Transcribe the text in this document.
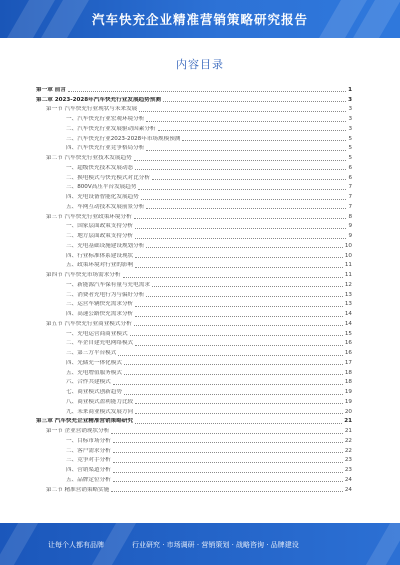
汽车快充企业精准营销策略研究报告
内容目录
第一章 前言	1
第二章 2023-2028年汽车快充行业发展趋势预测	3
第一节 汽车快充行业现状与未来发展	3
一、汽车快充行业宏观环境分析	3
二、汽车快充行业发展驱动因素分析	3
三、汽车快充行业2023-2028年市场规模预测	5
四、汽车快充行业竞争格局分析	5
第二节 汽车快充行业技术发展趋势	5
一、超级快充技术发展动态	6
二、换电模式与快充模式对比分析	6
三、800V高压平台发展趋势	7
四、充电设备智能化发展趋势	7
五、车网互动技术发展前景分析	7
第三节 汽车快充行业政策环境分析	8
一、国家层面政策支持分析	9
二、地方层面政策支持分析	9
三、充电基础设施建设规划分析	10
四、行业标准体系建设现状	10
五、政策环境对行业的影响	11
第四节 汽车快充市场需求分析	11
一、新能源汽车保有量与充电需求	12
二、消费者充电行为与偏好分析	13
三、运营车辆快充需求分析	13
四、高速公路快充需求分析	14
第五节 汽车快充行业商业模式分析	14
一、充电运营商商业模式	15
二、车企自建充电网络模式	16
三、第三方平台模式	16
四、光储充一体化模式	17
五、充电增值服务模式	18
六、合作共建模式	18
七、商业模式创新趋势	19
八、商业模式盈利能力比较	19
九、未来商业模式发展方向	20
第三章 汽车快充企业精准营销策略研究	21
第一节 企业营销现状分析	21
一、目标市场分析	22
二、客户需求分析	22
三、竞争对手分析	23
四、营销渠道分析	23
五、品牌定位分析	24
第二节 精准营销策略实施	24
让每个人都有品牌	行业研究 · 市场调研 · 营销策划 · 战略咨询 · 品牌建设
